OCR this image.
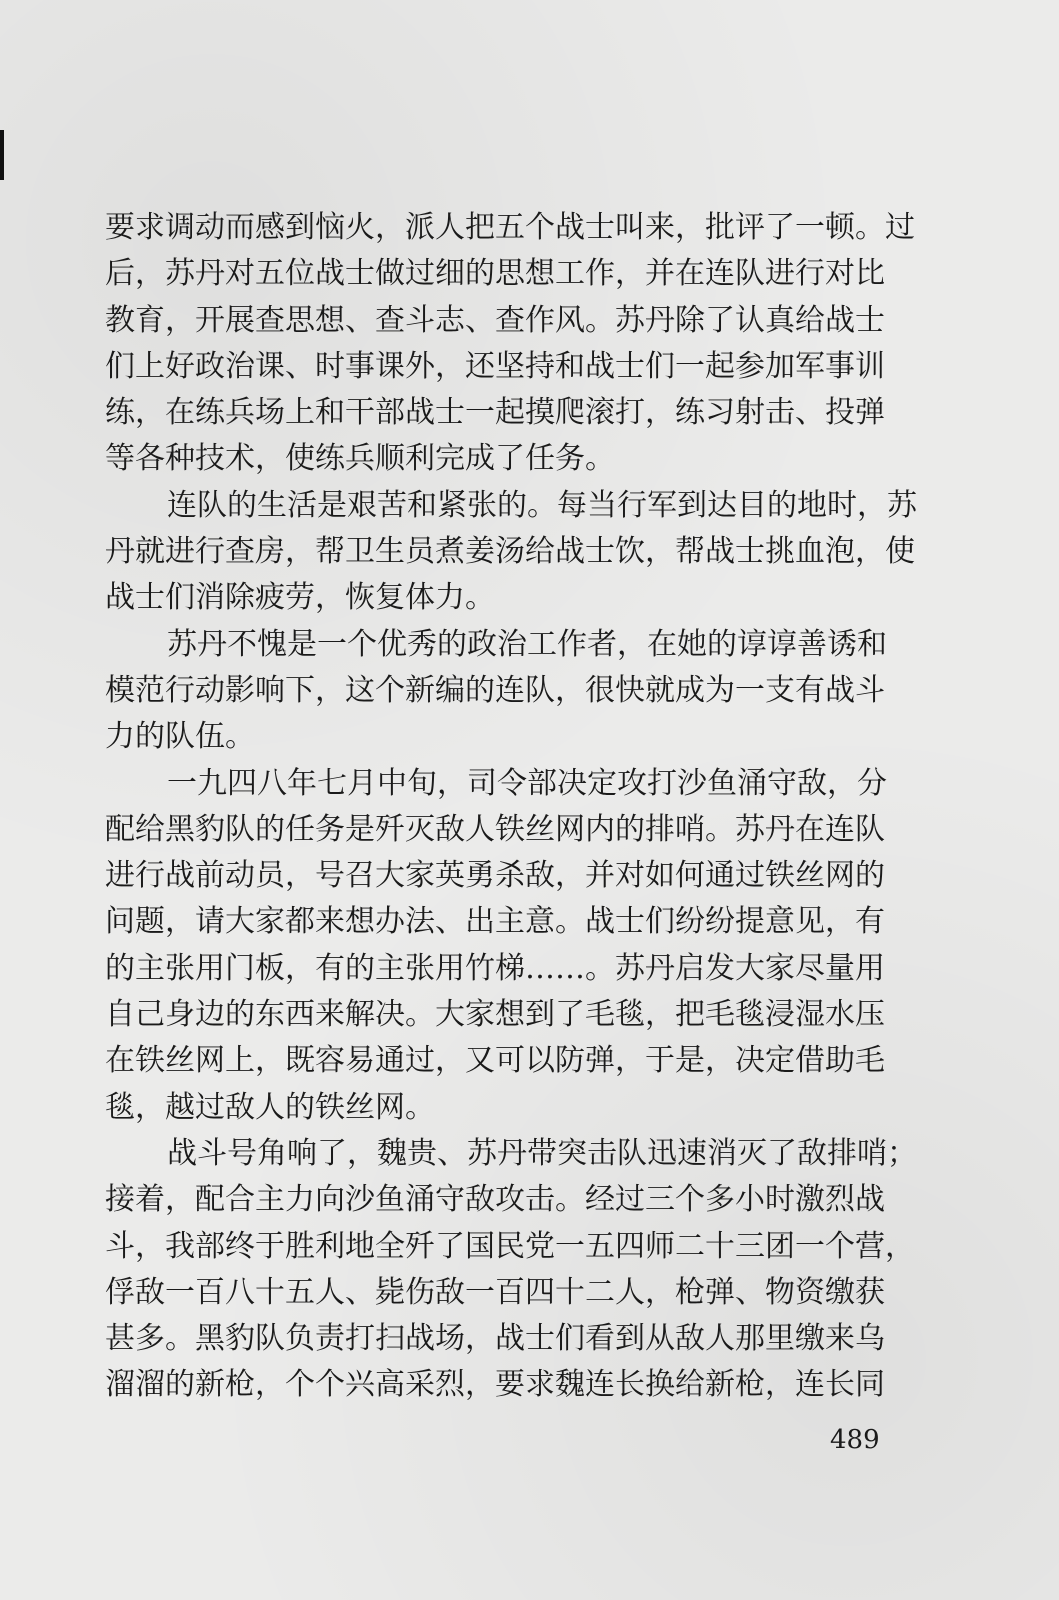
要求调动而感到恼火，派人把五个战士叫来，批评了一顿。过
后，苏丹对五位战士做过细的思想工作，并在连队进行对比
教育，开展查思想、查斗志、查作风。苏丹除了认真给战士
们上好政治课、时事课外，还坚持和战士们一起参加军事训
练，在练兵场上和干部战士一起摸爬滚打，练习射击、投弹
等各种技术，使练兵顺利完成了任务。
连队的生活是艰苦和紧张的。每当行军到达目的地时，苏
丹就进行查房，帮卫生员煮姜汤给战士饮，帮战士挑血泡，使
战士们消除疲劳，恢复体力。
苏丹不愧是一个优秀的政治工作者，在她的谆谆善诱和
模范行动影响下，这个新编的连队，很快就成为一支有战斗
力的队伍。
一九四八年七月中旬，司令部决定攻打沙鱼涌守敌，分
配给黑豹队的任务是歼灭敌人铁丝网内的排哨。苏丹在连队
进行战前动员，号召大家英勇杀敌，并对如何通过铁丝网的
问题，请大家都来想办法、出主意。战士们纷纷提意见，有
的主张用门板，有的主张用竹梯……。苏丹启发大家尽量用
自己身边的东西来解决。大家想到了毛毯，把毛毯浸湿水压
在铁丝网上，既容易通过，又可以防弹，于是，决定借助毛
毯，越过敌人的铁丝网。
战斗号角响了，魏贵、苏丹带突击队迅速消灭了敌排哨；
接着，配合主力向沙鱼涌守敌攻击。经过三个多小时激烈战
斗，我部终于胜利地全歼了国民党一五四师二十三团一个营，
俘敌一百八十五人、毙伤敌一百四十二人，枪弹、物资缴获
甚多。黑豹队负责打扫战场，战士们看到从敌人那里缴来乌
溜溜的新枪，个个兴高采烈，要求魏连长换给新枪，连长同
489
